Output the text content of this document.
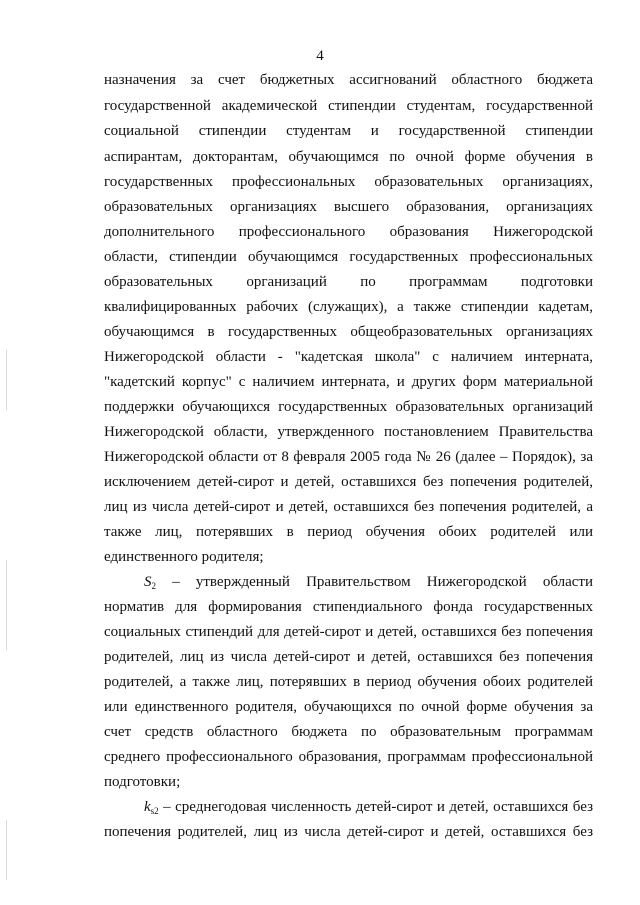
4
назначения за счет бюджетных ассигнований областного бюджета
государственной академической стипендии студентам, государственной
социальной стипендии студентам и государственной стипендии
аспирантам, докторантам, обучающимся по очной форме обучения в
государственных профессиональных образовательных организациях,
образовательных организациях высшего образования, организациях
дополнительного профессионального образования Нижегородской
области, стипендии обучающимся государственных профессиональных
образовательных организаций по программам подготовки
квалифицированных рабочих (служащих), а также стипендии кадетам,
обучающимся в государственных общеобразовательных организациях
Нижегородской области - "кадетская школа" с наличием интерната,
"кадетский корпус" с наличием интерната, и других форм материальной
поддержки обучающихся государственных образовательных организаций
Нижегородской области, утвержденного постановлением Правительства
Нижегородской области от 8 февраля 2005 года № 26 (далее – Порядок), за
исключением детей-сирот и детей, оставшихся без попечения родителей,
лиц из числа детей-сирот и детей, оставшихся без попечения родителей, а
также лиц, потерявших в период обучения обоих родителей или
единственного родителя;
$S_2$ – утвержденный Правительством Нижегородской области
норматив для формирования стипендиального фонда государственных
социальных стипендий для детей-сирот и детей, оставшихся без попечения
родителей, лиц из числа детей-сирот и детей, оставшихся без попечения
родителей, а также лиц, потерявших в период обучения обоих родителей
или единственного родителя, обучающихся по очной форме обучения за
счет средств областного бюджета по образовательным программам
среднего профессионального образования, программам профессиональной
подготовки;
$k_{s2}$ – среднегодовая численность детей-сирот и детей, оставшихся без
попечения родителей, лиц из числа детей-сирот и детей, оставшихся без
